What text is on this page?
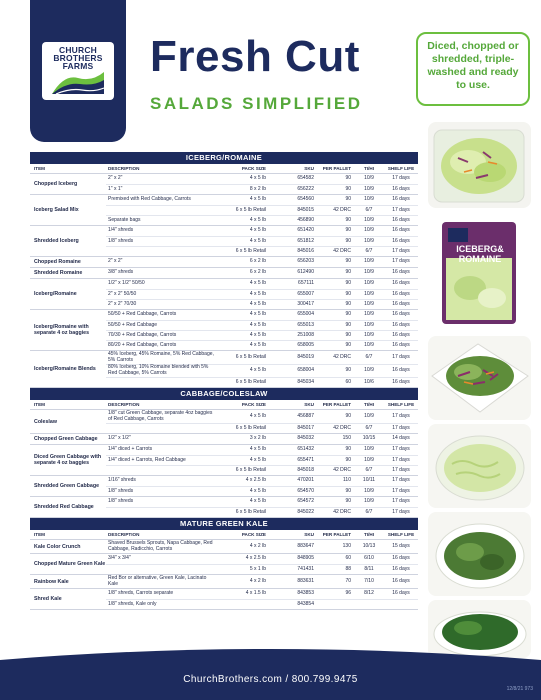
CHURCH
BROTHERS
FARMS	Fresh Cut
SALADS SIMPLIFIED
Diced, chopped or shredded, triple-washed and ready to use.
ICEBERG/ROMAINE
ITEM	DESCRIPTION	PACK SIZE	SKU	PER PALLET	TI/HI	SHELF LIFE
Chopped Iceberg
2" x 2"	4 x 5 lb	654582	90	10/9	17 days
1" x 1"	8 x 2 lb	656222	90	10/9	16 days
Iceberg Salad Mix
Premixed with Red Cabbage, Carrots	4 x 5 lb	654560	90	10/9	16 days
6 x 5 lb Retail	845015	42 DRC	6/7	17 days
Separate bags	4 x 5 lb	456890	90	10/9	16 days
Shredded Iceberg
1/4" shreds	4 x 5 lb	651420	90	10/9	16 days
1/8" shreds	4 x 5 lb	651812	90	10/9	16 days
6 x 5 lb Retail	845016	42 DRC	6/7	17 days
Chopped Romaine	2" x 2"	6 x 2 lb	656203	90	10/9	17 days
Shredded Romaine	3/8" shreds	6 x 2 lb	612490	90	10/9	16 days
Iceberg/Romaine
1/2" x 1/2" 50/50	4 x 5 lb	657111	90	10/9	16 days
2" x 2" 50/50	4 x 5 lb	655007	90	10/9	16 days
2" x 2" 70/30	4 x 5 lb	300417	90	10/9	16 days
Iceberg/Romaine with separate 4 oz baggies
50/50 + Red Cabbage, Carrots	4 x 5 lb	655004	90	10/9	16 days
50/50 + Red Cabbage	4 x 5 lb	655013	90	10/9	16 days
70/30 + Red Cabbage, Carrots	4 x 5 lb	251008	90	10/9	16 days
80/20 + Red Cabbage, Carrots	4 x 5 lb	658005	90	10/9	16 days
Iceberg/Romaine Blends
45% Iceberg, 45% Romaine, 5% Red Cabbage, 5% Carrots	6 x 5 lb Retail	845019	42 DRC	6/7	17 days
80% Iceberg, 10% Romaine blended with 5% Red Cabbage, 5% Carrots	4 x 5 lb	658004	90	10/9	16 days
6 x 5 lb Retail	845034	60	10/6	16 days
CABBAGE/COLESLAW
ITEM	DESCRIPTION	PACK SIZE	SKU	PER PALLET	TI/HI	SHELF LIFE
Coleslaw
1/8" cut Green Cabbage, separate 4oz baggies of Red Cabbage, Carrots	4 x 5 lb	456887	90	10/9	17 days
6 x 5 lb Retail	845017	42 DRC	6/7	17 days
Chopped Green Cabbage	1/2" x 1/2"	3 x 2 lb	845032	150	10/15	14 days
Diced Green Cabbage with separate 4 oz baggies
1/4" diced + Carrots	4 x 5 lb	651432	90	10/9	17 days
1/4" diced + Carrots, Red Cabbage	4 x 5 lb	655471	90	10/9	17 days
6 x 5 lb Retail	845018	42 DRC	6/7	17 days
Shredded Green Cabbage
1/16" shreds	4 x 2.5 lb	470201	110	10/11	17 days
1/8" shreds	4 x 5 lb	654570	90	10/9	17 days
Shredded Red Cabbage
1/8" shreds	4 x 5 lb	654572	90	10/9	17 days
6 x 5 lb Retail	845022	42 DRC	6/7	17 days
MATURE GREEN KALE
ITEM	DESCRIPTION	PACK SIZE	SKU	PER PALLET	TI/HI	SHELF LIFE
Kale Color Crunch
Shaved Brussels Sprouts, Napa Cabbage, Red Cabbage, Radicchio, Carrots	4 x 2 lb	883647	130	10/13	15 days
Chopped Mature Green Kale
3/4" x 3/4"	4 x 2.5 lb	848905	60	6/10	16 days
5 x 1 lb	741431	88	8/11	16 days
Rainbow Kale
Red Bor or alternative, Green Kale, Lacinato Kale	4 x 2 lb	883631	70	7/10	16 days
Shred Kale
1/8" shreds, Carrots separate	4 x 1.5 lb	843853	96	8/12	16 days
1/8" shreds, Kale only	843854
ICEBERG&
ROMAINE
ChurchBrothers.com / 800.799.9475
12/8/21 973
